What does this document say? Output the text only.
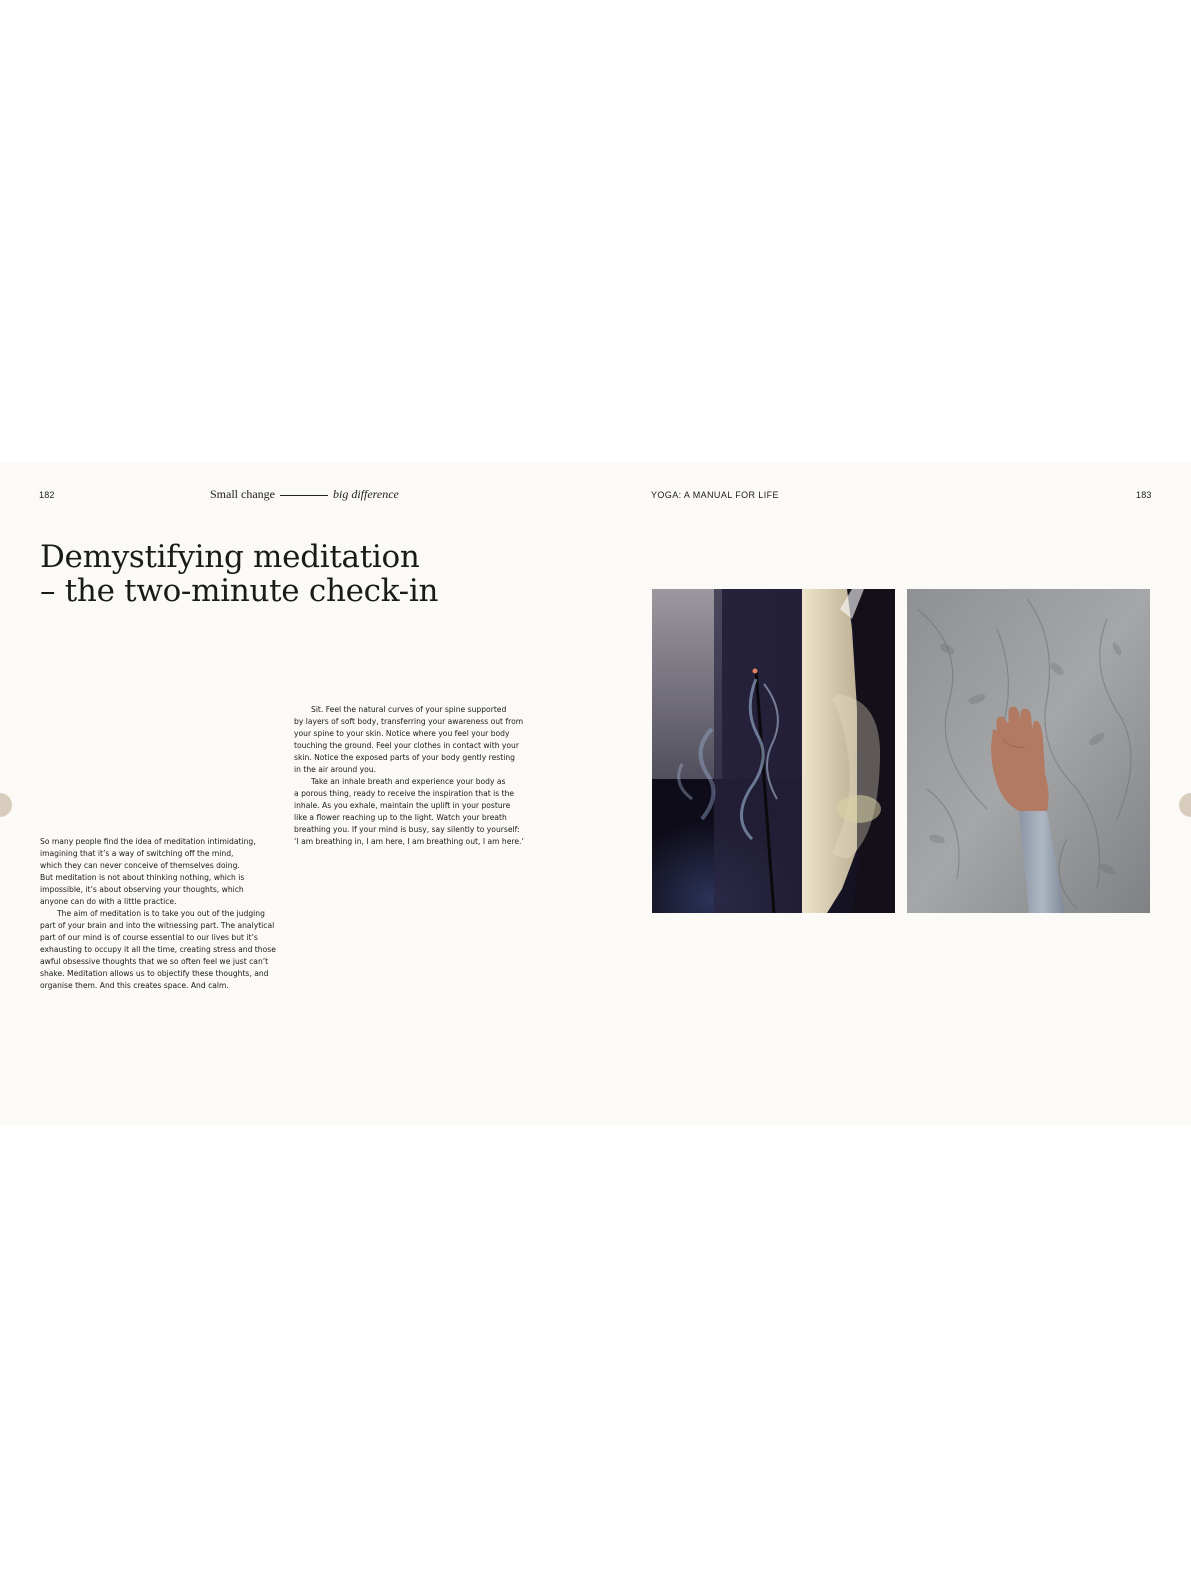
182	Small change	big difference	YOGA: A MANUAL FOR LIFE	183
Demystifying meditation
– the two-minute check-in

So many people find the idea of meditation intimidating,
imagining that it’s a way of switching off the mind,
which they can never conceive of themselves doing.
But meditation is not about thinking nothing, which is
impossible, it’s about observing your thoughts, which
anyone can do with a little practice.

The aim of meditation is to take you out of the judging
part of your brain and into the witnessing part. The analytical
part of our mind is of course essential to our lives but it’s
exhausting to occupy it all the time, creating stress and those
awful obsessive thoughts that we so often feel we just can’t
shake. Meditation allows us to objectify these thoughts, and
organise them. And this creates space. And calm.

Sit. Feel the natural curves of your spine supported
by layers of soft body, transferring your awareness out from
your spine to your skin. Notice where you feel your body
touching the ground. Feel your clothes in contact with your
skin. Notice the exposed parts of your body gently resting
in the air around you.

Take an inhale breath and experience your body as
a porous thing, ready to receive the inspiration that is the
inhale. As you exhale, maintain the uplift in your posture
like a flower reaching up to the light. Watch your breath
breathing you. If your mind is busy, say silently to yourself:
‘I am breathing in, I am here, I am breathing out, I am here.’
